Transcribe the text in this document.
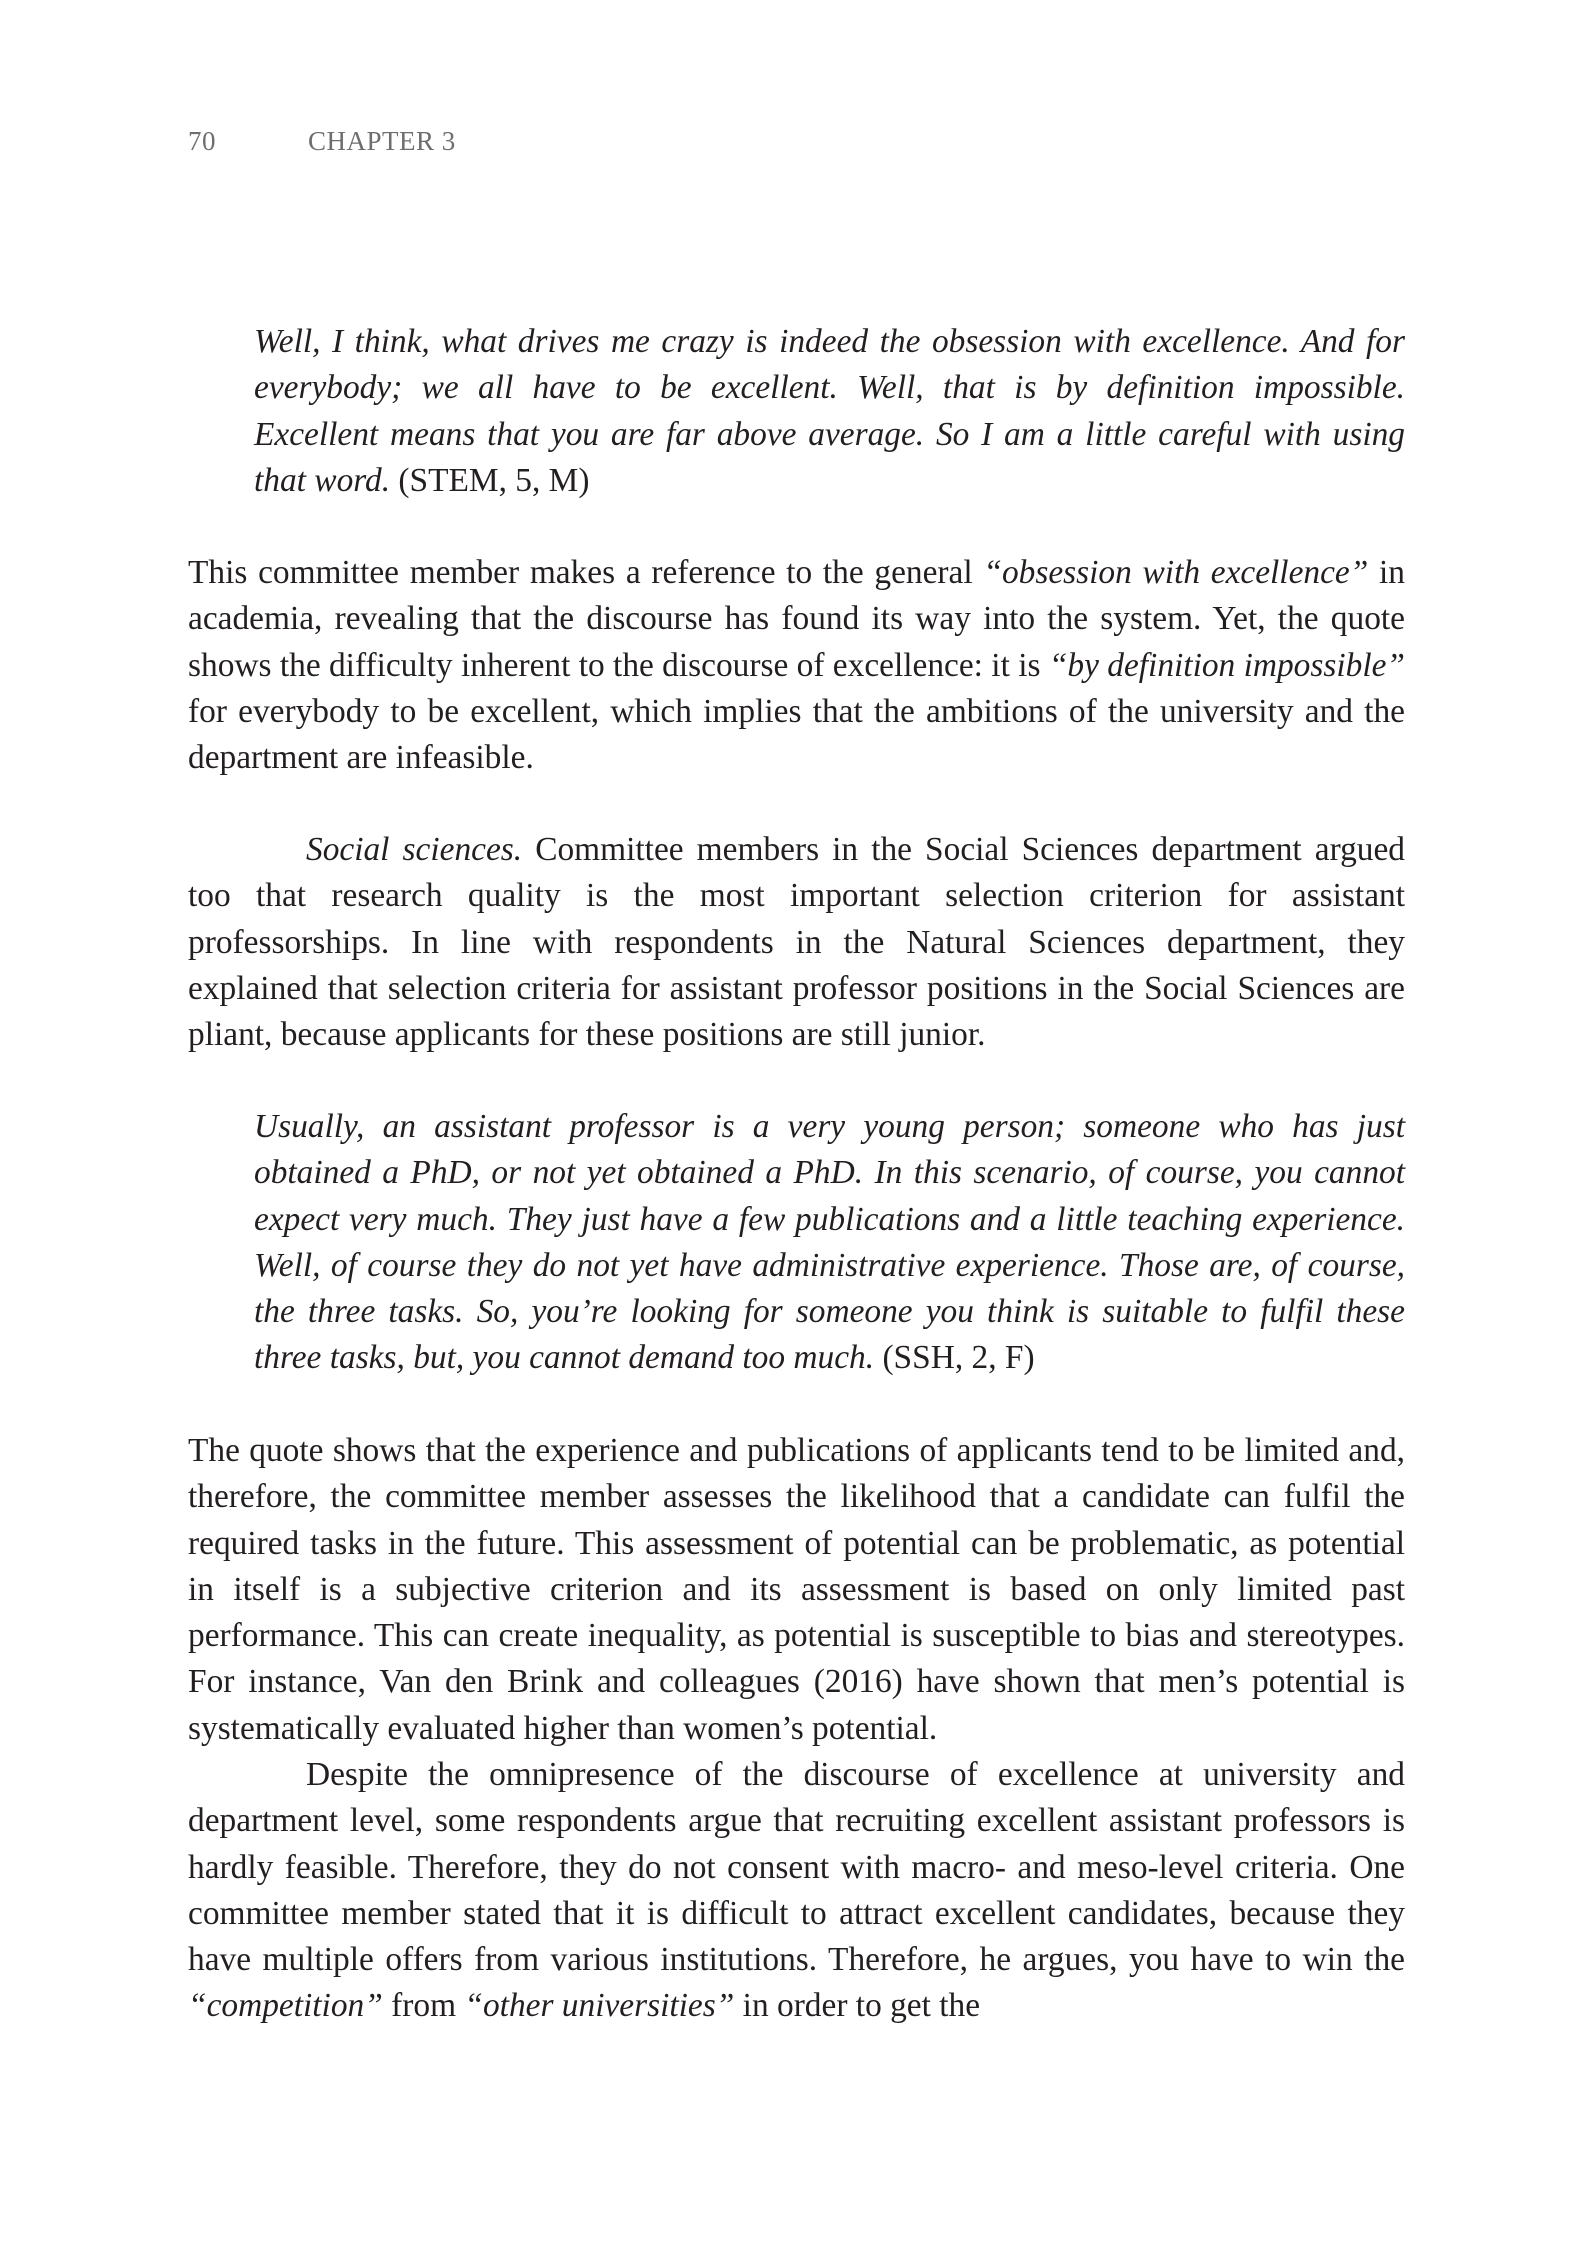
70	CHAPTER 3

Well, I think, what drives me crazy is indeed the obsession with excellence. And for everybody; we all have to be excellent. Well, that is by definition impossible. Excellent means that you are far above average. So I am a little careful with using that word. (STEM, 5, M)

This committee member makes a reference to the general “obsession with excellence” in academia, revealing that the discourse has found its way into the system. Yet, the quote shows the difficulty inherent to the discourse of excellence: it is “by definition impossible” for everybody to be excellent, which implies that the ambitions of the university and the department are infeasible.

Social sciences. Committee members in the Social Sciences department argued too that research quality is the most important selection criterion for assistant professorships. In line with respondents in the Natural Sciences department, they explained that selection criteria for assistant professor positions in the Social Sciences are pliant, because applicants for these positions are still junior.

Usually, an assistant professor is a very young person; someone who has just obtained a PhD, or not yet obtained a PhD. In this scenario, of course, you cannot expect very much. They just have a few publications and a little teaching experience. Well, of course they do not yet have administrative experience. Those are, of course, the three tasks. So, you’re looking for someone you think is suitable to fulfil these three tasks, but, you cannot demand too much. (SSH, 2, F)

The quote shows that the experience and publications of applicants tend to be limited and, therefore, the committee member assesses the likelihood that a candidate can fulfil the required tasks in the future. This assessment of potential can be problematic, as potential in itself is a subjective criterion and its assessment is based on only limited past performance. This can create inequality, as potential is susceptible to bias and stereotypes. For instance, Van den Brink and colleagues (2016) have shown that men’s potential is systematically evaluated higher than women’s potential.

Despite the omnipresence of the discourse of excellence at university and department level, some respondents argue that recruiting excellent assistant professors is hardly feasible. Therefore, they do not consent with macro- and meso-level criteria. One committee member stated that it is difficult to attract excellent candidates, because they have multiple offers from various institutions. Therefore, he argues, you have to win the “competition” from “other universities” in order to get the
